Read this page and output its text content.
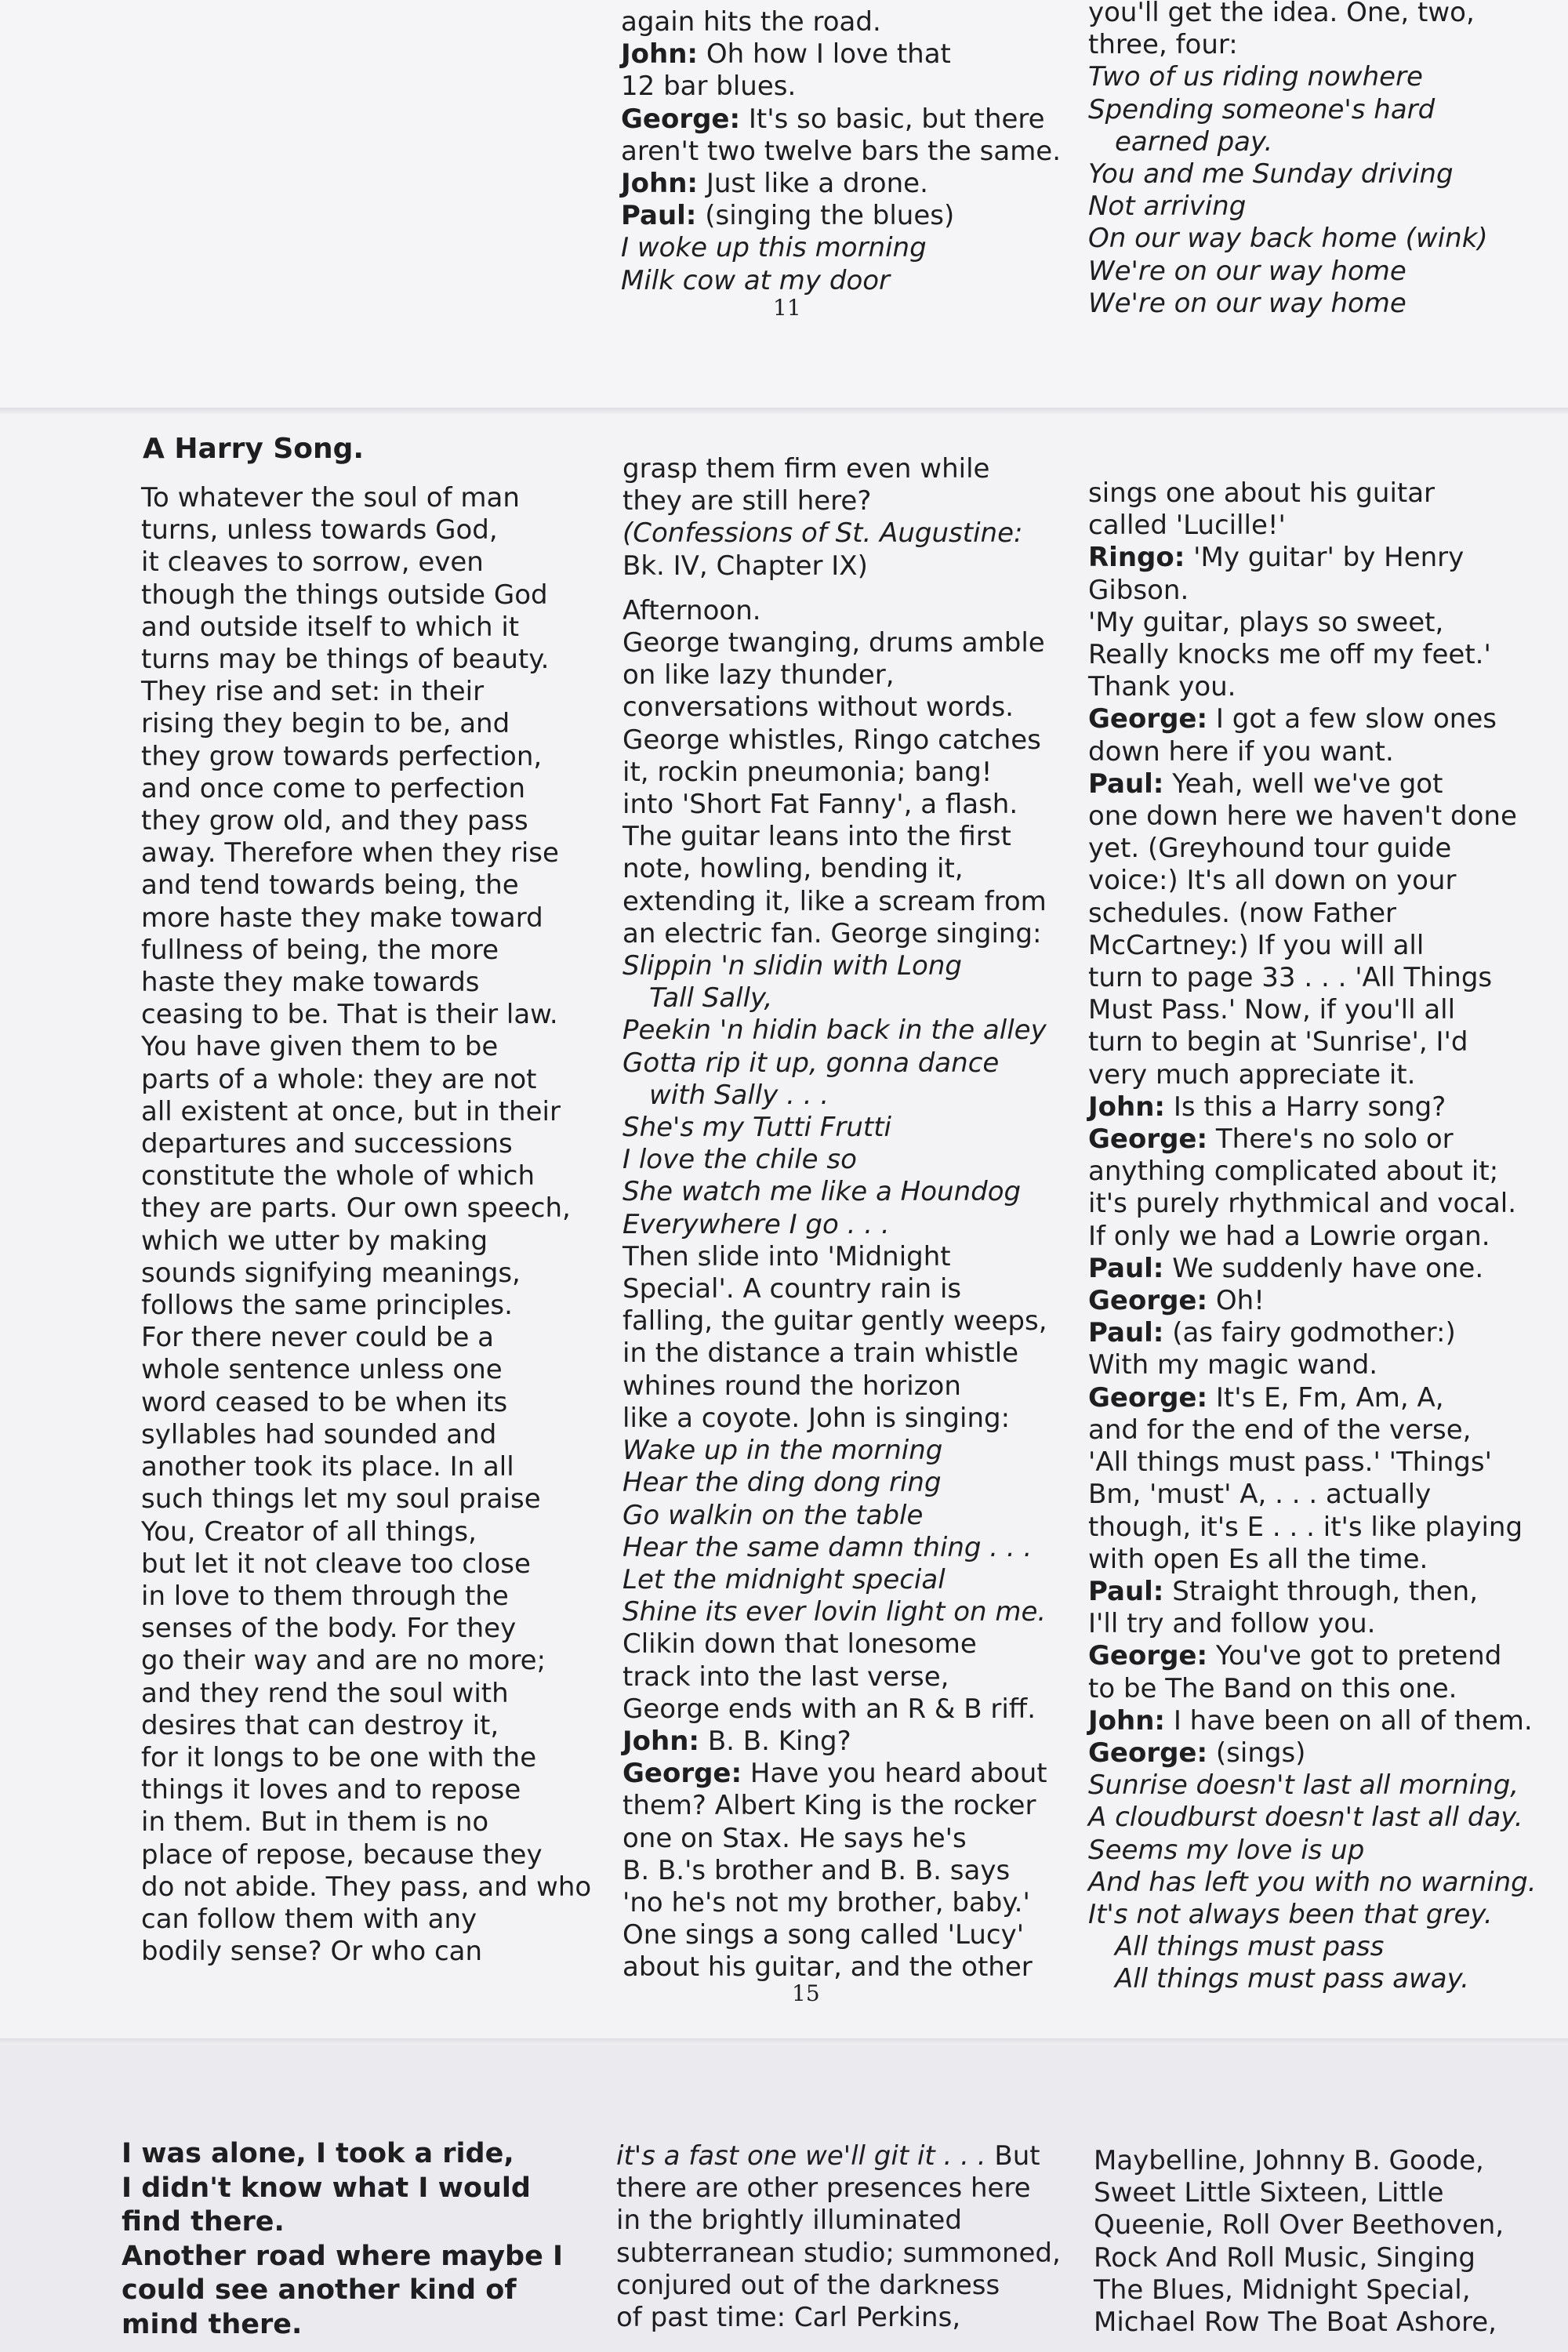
again hits the road.
John: Oh how I love that
12 bar blues.
George: It's so basic, but there
aren't two twelve bars the same.
John: Just like a drone.
Paul: (singing the blues)
I woke up this morning
Milk cow at my door
you'll get the idea. One, two,
three, four:
Two of us riding nowhere
Spending someone's hard
earned pay.
You and me Sunday driving
Not arriving
On our way back home (wink)
We're on our way home
We're on our way home
11
A Harry Song.
To whatever the soul of man
turns, unless towards God,
it cleaves to sorrow, even
though the things outside God
and outside itself to which it
turns may be things of beauty.
They rise and set: in their
rising they begin to be, and
they grow towards perfection,
and once come to perfection
they grow old, and they pass
away. Therefore when they rise
and tend towards being, the
more haste they make toward
fullness of being, the more
haste they make towards
ceasing to be. That is their law.
You have given them to be
parts of a whole: they are not
all existent at once, but in their
departures and successions
constitute the whole of which
they are parts. Our own speech,
which we utter by making
sounds signifying meanings,
follows the same principles.
For there never could be a
whole sentence unless one
word ceased to be when its
syllables had sounded and
another took its place. In all
such things let my soul praise
You, Creator of all things,
but let it not cleave too close
in love to them through the
senses of the body. For they
go their way and are no more;
and they rend the soul with
desires that can destroy it,
for it longs to be one with the
things it loves and to repose
in them. But in them is no
place of repose, because they
do not abide. They pass, and who
can follow them with any
bodily sense? Or who can
grasp them firm even while
they are still here?
(Confessions of St. Augustine:
Bk. IV, Chapter IX)
Afternoon.
George twanging, drums amble
on like lazy thunder,
conversations without words.
George whistles, Ringo catches
it, rockin pneumonia; bang!
into 'Short Fat Fanny', a flash.
The guitar leans into the first
note, howling, bending it,
extending it, like a scream from
an electric fan. George singing:
Slippin 'n slidin with Long
Tall Sally,
Peekin 'n hidin back in the alley
Gotta rip it up, gonna dance
with Sally . . .
She's my Tutti Frutti
I love the chile so
She watch me like a Houndog
Everywhere I go . . .
Then slide into 'Midnight
Special'. A country rain is
falling, the guitar gently weeps,
in the distance a train whistle
whines round the horizon
like a coyote. John is singing:
Wake up in the morning
Hear the ding dong ring
Go walkin on the table
Hear the same damn thing . . .
Let the midnight special
Shine its ever lovin light on me.
Clikin down that lonesome
track into the last verse,
George ends with an R & B riff.
John: B. B. King?
George: Have you heard about
them? Albert King is the rocker
one on Stax. He says he's
B. B.'s brother and B. B. says
'no he's not my brother, baby.'
One sings a song called 'Lucy'
about his guitar, and the other
sings one about his guitar
called 'Lucille!'
Ringo: 'My guitar' by Henry
Gibson.
'My guitar, plays so sweet,
Really knocks me off my feet.'
Thank you.
George: I got a few slow ones
down here if you want.
Paul: Yeah, well we've got
one down here we haven't done
yet. (Greyhound tour guide
voice:) It's all down on your
schedules. (now Father
McCartney:) If you will all
turn to page 33 . . . 'All Things
Must Pass.' Now, if you'll all
turn to begin at 'Sunrise', I'd
very much appreciate it.
John: Is this a Harry song?
George: There's no solo or
anything complicated about it;
it's purely rhythmical and vocal.
If only we had a Lowrie organ.
Paul: We suddenly have one.
George: Oh!
Paul: (as fairy godmother:)
With my magic wand.
George: It's E, Fm, Am, A,
and for the end of the verse,
'All things must pass.' 'Things'
Bm, 'must' A, . . . actually
though, it's E . . . it's like playing
with open Es all the time.
Paul: Straight through, then,
I'll try and follow you.
George: You've got to pretend
to be The Band on this one.
John: I have been on all of them.
George: (sings)
Sunrise doesn't last all morning,
A cloudburst doesn't last all day.
Seems my love is up
And has left you with no warning.
It's not always been that grey.
All things must pass
All things must pass away.
15
I was alone, I took a ride,
I didn't know what I would
find there.
Another road where maybe I
could see another kind of
mind there.
it's a fast one we'll git it . . . But
there are other presences here
in the brightly illuminated
subterranean studio; summoned,
conjured out of the darkness
of past time: Carl Perkins,
Maybelline, Johnny B. Goode,
Sweet Little Sixteen, Little
Queenie, Roll Over Beethoven,
Rock And Roll Music, Singing
The Blues, Midnight Special,
Michael Row The Boat Ashore,
